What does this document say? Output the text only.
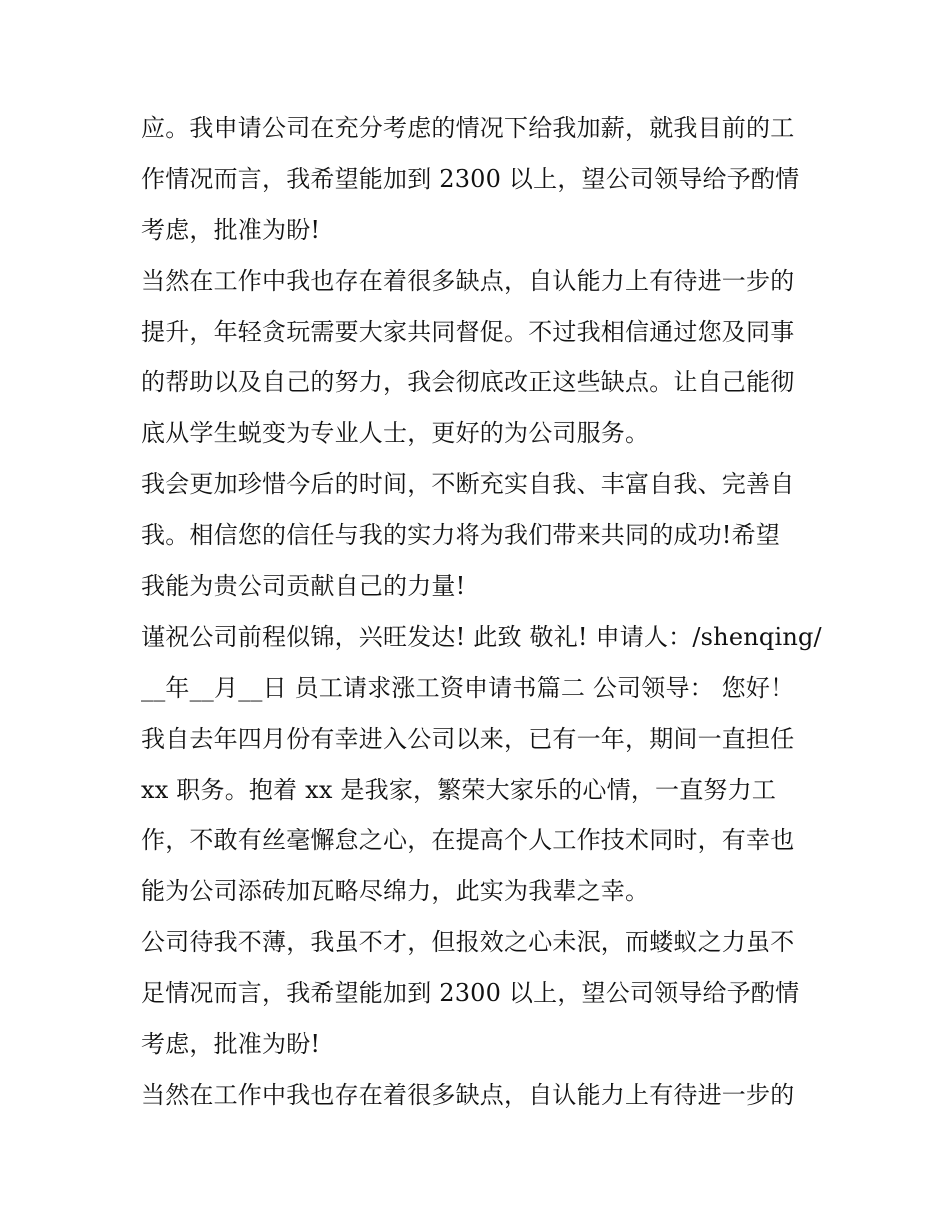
应。我申请公司在充分考虑的情况下给我加薪，就我目前的工
作情况而言，我希望能加到 2300 以上，望公司领导给予酌情
考虑，批准为盼!
当然在工作中我也存在着很多缺点，自认能力上有待进一步的
提升，年轻贪玩需要大家共同督促。不过我相信通过您及同事
的帮助以及自己的努力，我会彻底改正这些缺点。让自己能彻
底从学生蜕变为专业人士，更好的为公司服务。
我会更加珍惜今后的时间，不断充实自我、丰富自我、完善自
我。相信您的信任与我的实力将为我们带来共同的成功!希望
我能为贵公司贡献自己的力量!
谨祝公司前程似锦，兴旺发达! 此致 敬礼! 申请人：/shenqing/
__年__月__日 员工请求涨工资申请书篇二 公司领导： 您好！
我自去年四月份有幸进入公司以来，已有一年，期间一直担任
xx 职务。抱着 xx 是我家，繁荣大家乐的心情，一直努力工
作，不敢有丝毫懈怠之心，在提高个人工作技术同时，有幸也
能为公司添砖加瓦略尽绵力，此实为我辈之幸。
公司待我不薄，我虽不才，但报效之心未泯，而蝼蚁之力虽不
足情况而言，我希望能加到 2300 以上，望公司领导给予酌情
考虑，批准为盼!
当然在工作中我也存在着很多缺点，自认能力上有待进一步的
